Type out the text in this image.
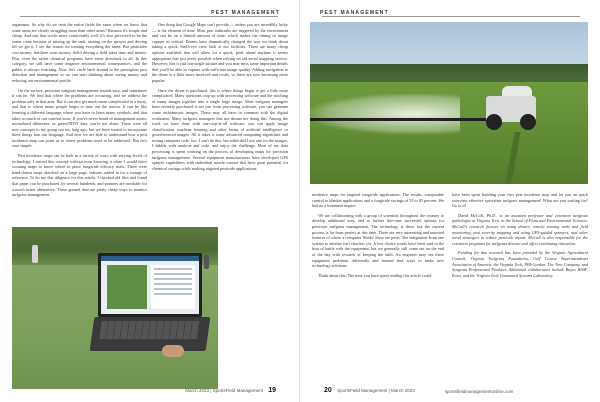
PEST MANAGEMENT

organisms. So why do we treat the entire fields the same when we know that some areas are clearly struggling more than other areas? Because it's simple and cheap. And one that works more comfortably well. It's also perceived to be the easier route because of mixing up the tank, turning on the sprayer and driving till we get it. I see the reason for treating everything the same. But pesticides cost money, fertilizer costs money. Solid driving a field takes time and money. Plus, even the safest chemical programs have some drawback to all. In this category, we still have some negative environmental consequences, and the public is always watching. Now, let's circle back around to the prestigious pest detection and management so we can start thinking about saving money and reducing our environmental profile.

On the surface, precision turfgrass management sounds easy, and sometimes it can be. We find that where the problems are occurring, and we address the problem only in that area. But it can also get much more complicated in a hurry, and that is where many people begin to tune out the notion. It can be like learning a different language where you have to learn many symbols, and that takes so much of our comfort zone. If you've never heard of management zones, normalized difference, or green/NDVI data, you're not alone. These were all new concepts to my group not too long ago, but we have started to incorporate these things into our language. And now we are able to understand how a pest incidence map can point us to where problems need to be addressed. But let's start simple.

Pest incidence maps can be built in a variety of ways with varying levels of technology. I started this concept without even knowing it when I would drive scouting maps to know where to place fungicide efficacy trials. These were hand-drawn maps sketched on a large page, features added in for a strange of reference. To do my due diligence for this article, I checked old files and found that paper can be purchased for several hundreds, and pointers are available for a much better alternative. These ground data are pretty cheap ways to monitor turfgrass management.

One thing that Google Maps can't provide — unless you are incredibly lucky — is the element of time. Most pest outbreaks are triggered by the environment and can be on a limited amount of time, which makes the timing of image capture so critical. Drones have dramatically changed the way we think about taking a quick, bird's-eye view look at our facilities. There are many cheap options available that will allow for a quick, peek ahead anytime it seems appropriate that just aren't possible when relying on old aerial mapping service. However, this is just one single picture and you may miss some important details that you'll be able to capture with sufficient image quality. Adding navigation to the drone is a little more involved and costly, so these are now becoming more popular.

Once the drone is purchased, this is where things begin to get a little more complicated. Many questions crop up with processing software and the stitching of many images together into a single large image. Most turfgrass managers have recently purchased it not just from processing software, you can generate some orthomosaic images. These may all have in common with the digital evaluation. Many turfgrass managers that use drones are doing this. Among the work we have done with one-stop-at-all software, you can apply image classification, machine learning and other forms of artificial intelligence or georeferenced images. All it takes is some advanced computing algorithms and testing computer code, too. I can't do this, but either did I use one for the images. I dabble with analysis and code, and enjoy the challenge. Most of my data processing is spent working on the process of developing maps for precision turfgrass management. Several equipment manufacturers have developed GPS sprayer capabilities with individual nozzle control that have great potential for chemical savings while making targeted pesticide applications.

March 2023 | SportsField Management 19
PEST MANAGEMENT

incidence maps for targeted fungicide applications. The results, comparable control to blanket applications and a fungicide savings of 53 to 85 percent. We had no a treatment impact.

We are collaborating with a group of scientists throughout the country to develop additional uses, and to further fine-tune successful options for precision turfgrass management. The technology is there, but the current process is far from perfect at this time. There are very interesting and untested features of where a computer 'thinks' these are pests. The integration from one system to another isn't flawless yet. A few choice words have been said in the heat of battle with the equipment, but we generally still come out on the end of the day with rewards of keeping the faith. An engineer may see these equipment problems differently and instead find ways to make new technology solutions.

Think about this: The time you have spent reading this article could

have been spent building your first pest incidence map and let you an quick overview effective specialize turfgrass management! What are you waiting for? Go to it!

David McCall, Ph.D., is an assistant professor and extension turfgrass pathologist at Virginia Tech, in the School of Plant and Environmental Sciences. McCall's research focuses on using drones, remote sensing tools and field monitoring, pest severity mapping and using GPS-guided sprayers, and other novel strategies to reduce pesticide inputs. McCall is also responsible for the extension programs for turfgrass disease and offers continuing education.

Funding for this research has been provided by the Virginia Agricultural Council, Virginia Turfgrass Foundation, Golf Course Superintendents Association of America, the Virginia Tech, PBI-Gordon, The Toro Company, and Syngenta Professional Products. Additional collaborators include Bayer, BASF, Envu, and the Virginia Tech Unmanned Systems Laboratory.

20 SportsField Management | March 2023	sportsfieldmanagementonline.com
